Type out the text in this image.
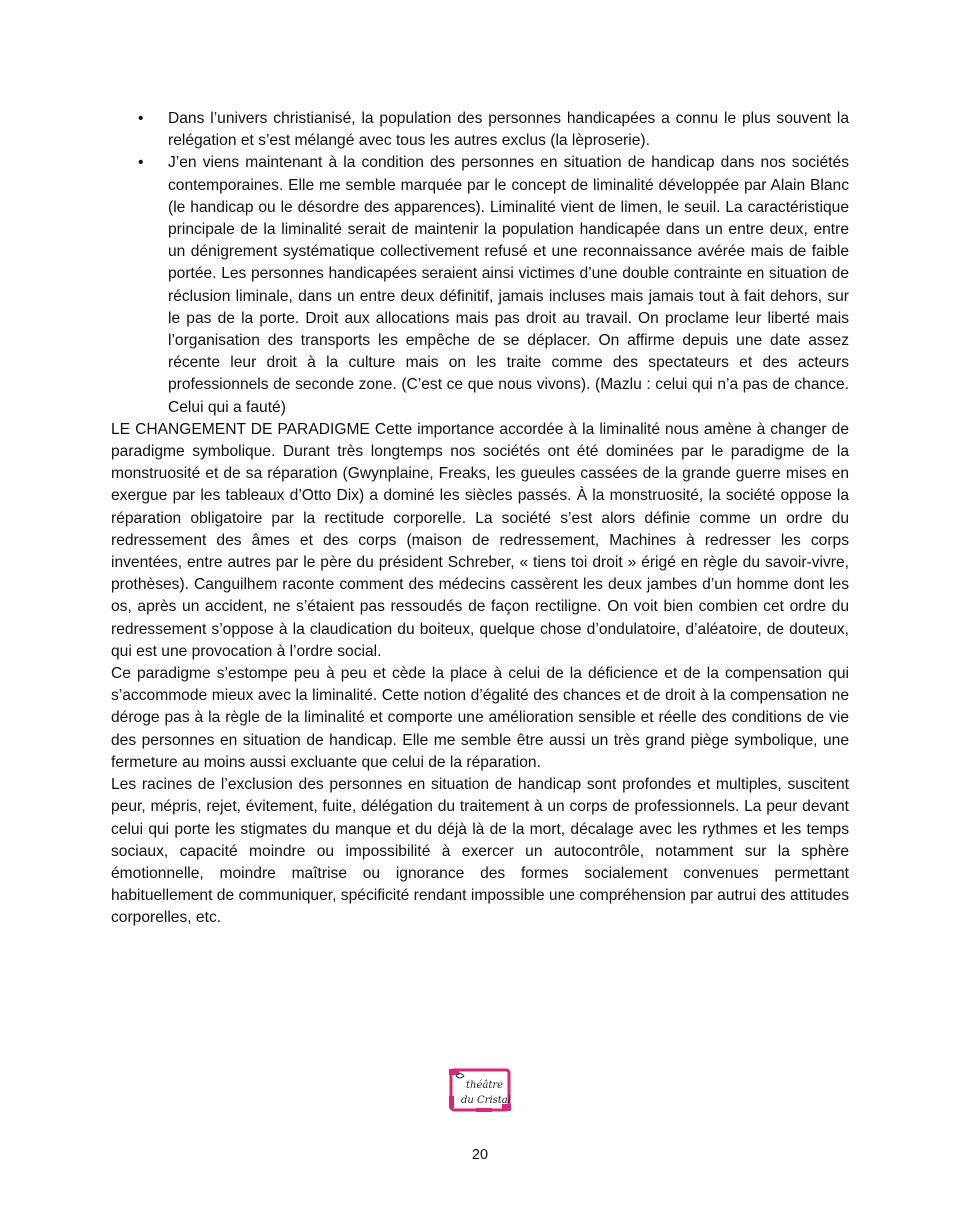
• Dans l’univers christianisé, la population des personnes handicapées a connu le plus souvent la relégation et s’est mélangé avec tous les autres exclus (la lèproserie).
• J’en viens maintenant à la condition des personnes en situation de handicap dans nos sociétés contemporaines. Elle me semble marquée par le concept de liminalité développée par Alain Blanc (le handicap ou le désordre des apparences). Liminalité vient de limen, le seuil. La caractéristique principale de la liminalité serait de maintenir la population handicapée dans un entre deux, entre un dénigrement systématique collectivement refusé et une reconnaissance avérée mais de faible portée. Les personnes handicapées seraient ainsi victimes d’une double contrainte en situation de réclusion liminale, dans un entre deux définitif, jamais incluses mais jamais tout à fait dehors, sur le pas de la porte. Droit aux allocations mais pas droit au travail. On proclame leur liberté mais l’organisation des transports les empêche de se déplacer. On affirme depuis une date assez récente leur droit à la culture mais on les traite comme des spectateurs et des acteurs professionnels de seconde zone. (C’est ce que nous vivons). (Mazlu : celui qui n’a pas de chance. Celui qui a fauté)

LE CHANGEMENT DE PARADIGME Cette importance accordée à la liminalité nous amène à changer de paradigme symbolique. Durant très longtemps nos sociétés ont été dominées par le paradigme de la monstruosité et de sa réparation (Gwynplaine, Freaks, les gueules cassées de la grande guerre mises en exergue par les tableaux d’Otto Dix) a dominé les siècles passés. À la monstruosité, la société oppose la réparation obligatoire par la rectitude corporelle. La société s’est alors définie comme un ordre du redressement des âmes et des corps (maison de redressement, Machines à redresser les corps inventées, entre autres par le père du président Schreber, « tiens toi droit » érigé en règle du savoir-vivre, prothèses). Canguilhem raconte comment des médecins cassèrent les deux jambes d’un homme dont les os, après un accident, ne s’étaient pas ressoudés de façon rectiligne. On voit bien combien cet ordre du redressement s’oppose à la claudication du boiteux, quelque chose d’ondulatoire, d’aléatoire, de douteux, qui est une provocation à l’ordre social.

Ce paradigme s’estompe peu à peu et cède la place à celui de la déficience et de la compensation qui s’accommode mieux avec la liminalité. Cette notion d’égalité des chances et de droit à la compensation ne déroge pas à la règle de la liminalité et comporte une amélioration sensible et réelle des conditions de vie des personnes en situation de handicap. Elle me semble être aussi un très grand piège symbolique, une fermeture au moins aussi excluante que celui de la réparation.

Les racines de l’exclusion des personnes en situation de handicap sont profondes et multiples, suscitent peur, mépris, rejet, évitement, fuite, délégation du traitement à un corps de professionnels. La peur devant celui qui porte les stigmates du manque et du déjà là de la mort, décalage avec les rythmes et les temps sociaux, capacité moindre ou impossibilité à exercer un autocontrôle, notamment sur la sphère émotionnelle, moindre maîtrise ou ignorance des formes socialement convenues permettant habituellement de communiquer, spécificité rendant impossible une compréhension par autrui des attitudes corporelles, etc.

théâtre
du Cristal
20
